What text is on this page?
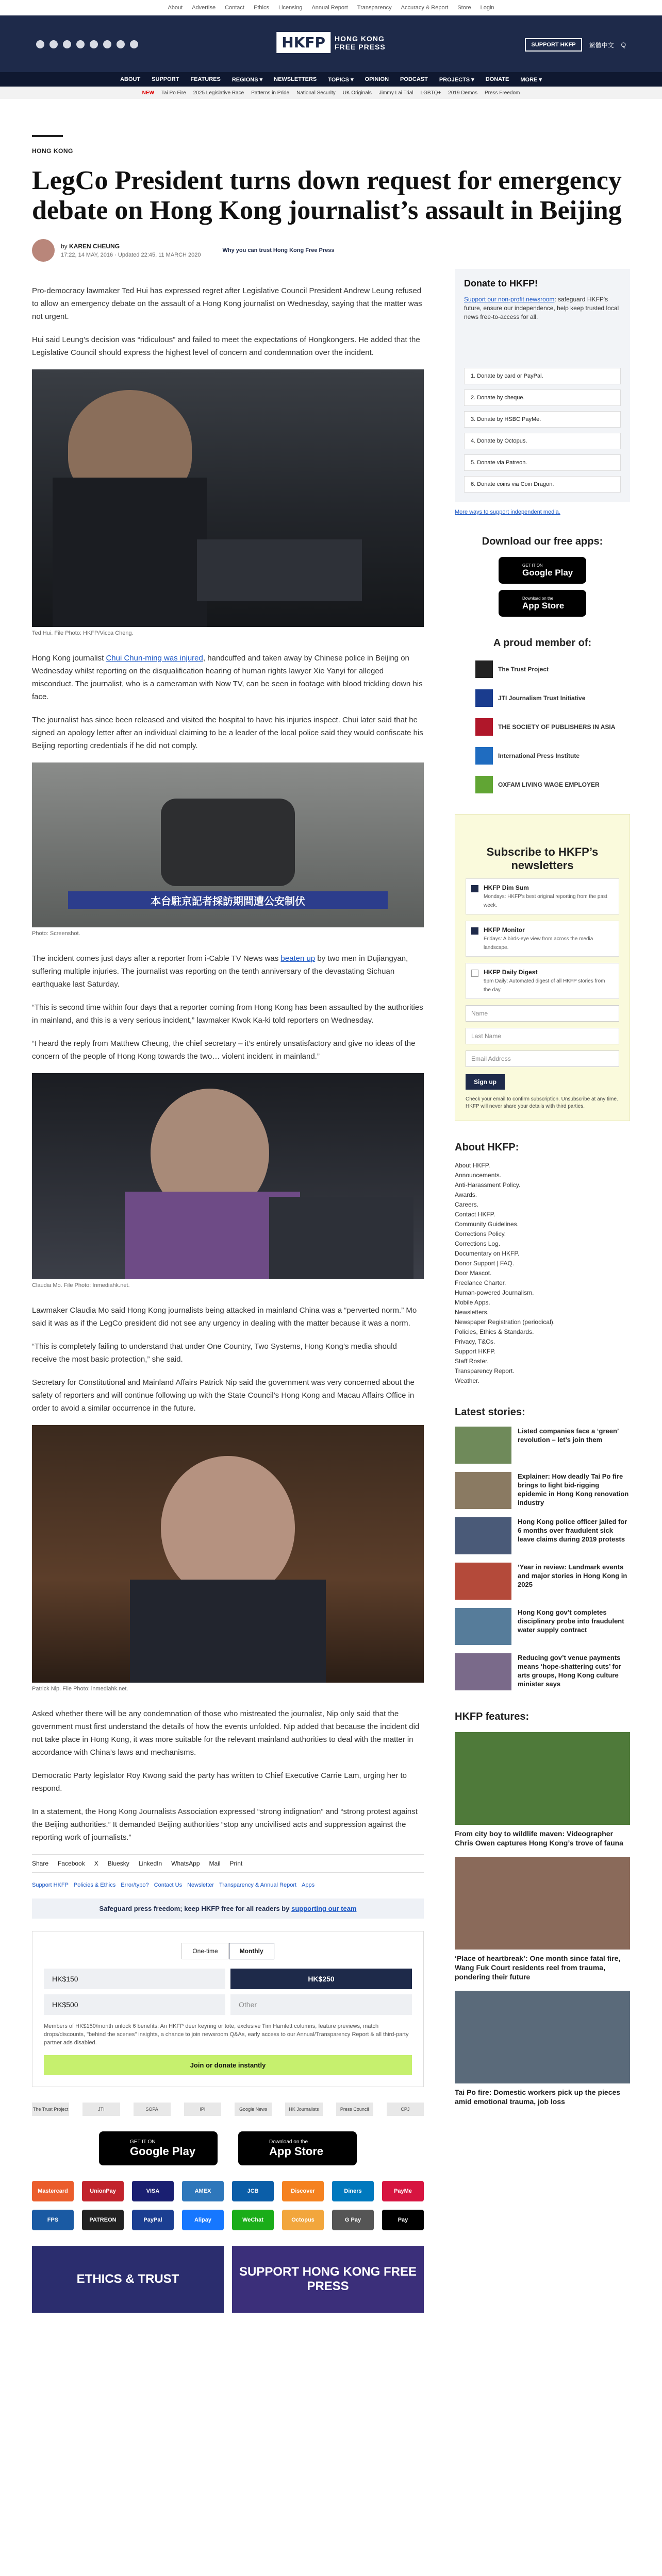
About Advertise Contact Ethics Licensing Annual Report Transparency Accuracy & Report Store Login
HKFP	HONG KONG
FREE PRESS	SUPPORT HKFP	繁體中文 Q
ABOUT SUPPORT FEATURES REGIONS ▾ NEWSLETTERS TOPICS ▾ OPINION PODCAST PROJECTS ▾ DONATE MORE ▾
NEW Tai Po Fire 2025 Legislative Race Patterns in Pride National Security UK Originals Jimmy Lai Trial LGBTQ+ 2019 Demos Press Freedom
HONG KONG
LegCo President turns down request for emergency debate on Hong Kong journalist’s assault in Beijing
by KAREN CHEUNG
17:22, 14 MAY, 2016 · Updated 22:45, 11 MARCH 2020
Why you can trust Hong Kong Free Press
Pro-democracy lawmaker Ted Hui has expressed regret after Legislative Council President Andrew Leung refused to allow an emergency debate on the assault of a Hong Kong journalist on Wednesday, saying that the matter was not urgent.
Hui said Leung’s decision was “ridiculous” and failed to meet the expectations of Hongkongers. He added that the Legislative Council should express the highest level of concern and condemnation over the incident.
Ted Hui. File Photo: HKFP/Vicca Cheng.
Hong Kong journalist Chui Chun-ming was injured, handcuffed and taken away by Chinese police in Beijing on Wednesday whilst reporting on the disqualification hearing of human rights lawyer Xie Yanyi for alleged misconduct. The journalist, who is a cameraman with Now TV, can be seen in footage with blood trickling down his face.
The journalist has since been released and visited the hospital to have his injuries inspect. Chui later said that he signed an apology letter after an individual claiming to be a leader of the local police said they would confiscate his Beijing reporting credentials if he did not comply.
本台駐京記者採訪期間遭公安制伏
Photo: Screenshot.
The incident comes just days after a reporter from i-Cable TV News was beaten up by two men in Dujiangyan, suffering multiple injuries. The journalist was reporting on the tenth anniversary of the devastating Sichuan earthquake last Saturday.
“This is second time within four days that a reporter coming from Hong Kong has been assaulted by the authorities in mainland, and this is a very serious incident,” lawmaker Kwok Ka-ki told reporters on Wednesday.
“I heard the reply from Matthew Cheung, the chief secretary – it’s entirely unsatisfactory and give no ideas of the concern of the people of Hong Kong towards the two… violent incident in mainland.”
Claudia Mo. File Photo: Inmediahk.net.
Lawmaker Claudia Mo said Hong Kong journalists being attacked in mainland China was a “perverted norm.” Mo said it was as if the LegCo president did not see any urgency in dealing with the matter because it was a norm.
“This is completely failing to understand that under One Country, Two Systems, Hong Kong’s media should receive the most basic protection,” she said.
Secretary for Constitutional and Mainland Affairs Patrick Nip said the government was very concerned about the safety of reporters and will continue following up with the State Council’s Hong Kong and Macau Affairs Office in order to avoid a similar occurrence in the future.
Patrick Nip. File Photo: inmediahk.net.
Asked whether there will be any condemnation of those who mistreated the journalist, Nip only said that the government must first understand the details of how the events unfolded. Nip added that because the incident did not take place in Hong Kong, it was more suitable for the relevant mainland authorities to deal with the matter in accordance with China’s laws and mechanisms.
Democratic Party legislator Roy Kwong said the party has written to Chief Executive Carrie Lam, urging her to respond.
In a statement, the Hong Kong Journalists Association expressed “strong indignation” and “strong protest against the Beijing authorities.” It demanded Beijing authorities “stop any uncivilised acts and suppression against the reporting work of journalists.”
Share Facebook X Bluesky LinkedIn WhatsApp Mail Print
Support HKFP Policies & Ethics Error/typo? Contact Us Newsletter Transparency & Annual Report Apps
Safeguard press freedom; keep HKFP free for all readers by supporting our team
One-time	Monthly
HK$150	HK$250
HK$500	Other
Members of HK$150/month unlock 6 benefits: An HKFP deer keyring or tote, exclusive Tim Hamlett columns, feature previews, match drops/discounts, "behind the scenes" insights, a chance to join newsroom Q&As, early access to our Annual/Transparency Report & all third-party partner ads disabled.
Join or donate instantly
The Trust Project	JTI	SOPA	IPI	Google News	HK Journalists	Press Council	CPJ
GET IT ON
Google Play
Download on the
App Store
Mastercard	UnionPay	VISA	AMEX	JCB	Discover	Diners	PayMe
FPS	PATREON	PayPal	Alipay	WeChat	Octopus	G Pay	Pay
ETHICS & TRUST
SUPPORT HONG KONG FREE PRESS
Donate to HKFP!
Support our non-profit newsroom: safeguard HKFP's future, ensure our independence, help keep trusted local news free-to-access for all.
1. Donate by card or PayPal.
2. Donate by cheque.
3. Donate by HSBC PayMe.
4. Donate by Octopus.
5. Donate via Patreon.
6. Donate coins via Coin Dragon.
More ways to support independent media.
Download our free apps:
GET IT ON
Google Play
Download on the
App Store
A proud member of:
The Trust Project
JTI Journalism Trust Initiative
THE SOCIETY OF PUBLISHERS IN ASIA
International Press Institute
OXFAM LIVING WAGE EMPLOYER
Subscribe to HKFP’s newsletters
HKFP Dim Sum
Mondays: HKFP's best original reporting from the past week.
HKFP Monitor
Fridays: A birds-eye view from across the media landscape.
HKFP Daily Digest
9pm Daily: Automated digest of all HKFP stories from the day.
Name
Last Name
Email Address
Sign up
Check your email to confirm subscription. Unsubscribe at any time. HKFP will never share your details with third parties.
About HKFP:
About HKFP.
Announcements.
Anti-Harassment Policy.
Awards.
Careers.
Contact HKFP.
Community Guidelines.
Corrections Policy.
Corrections Log.
Documentary on HKFP.
Donor Support | FAQ.
Door Mascot.
Freelance Charter.
Human-powered Journalism.
Mobile Apps.
Newsletters.
Newspaper Registration (periodical).
Policies, Ethics & Standards.
Privacy, T&Cs.
Support HKFP.
Staff Roster.
Transparency Report.
Weather.
Latest stories:
Listed companies face a ‘green’ revolution – let’s join them
Explainer: How deadly Tai Po fire brings to light bid-rigging epidemic in Hong Kong renovation industry
Hong Kong police officer jailed for 6 months over fraudulent sick leave claims during 2019 protests
‘Year in review: Landmark events and major stories in Hong Kong in 2025
Hong Kong gov’t completes disciplinary probe into fraudulent water supply contract
Reducing gov’t venue payments means ‘hope-shattering cuts’ for arts groups, Hong Kong culture minister says
HKFP features:
From city boy to wildlife maven: Videographer Chris Owen captures Hong Kong’s trove of fauna
‘Place of heartbreak’: One month since fatal fire, Wang Fuk Court residents reel from trauma, pondering their future
Tai Po fire: Domestic workers pick up the pieces amid emotional trauma, job loss
